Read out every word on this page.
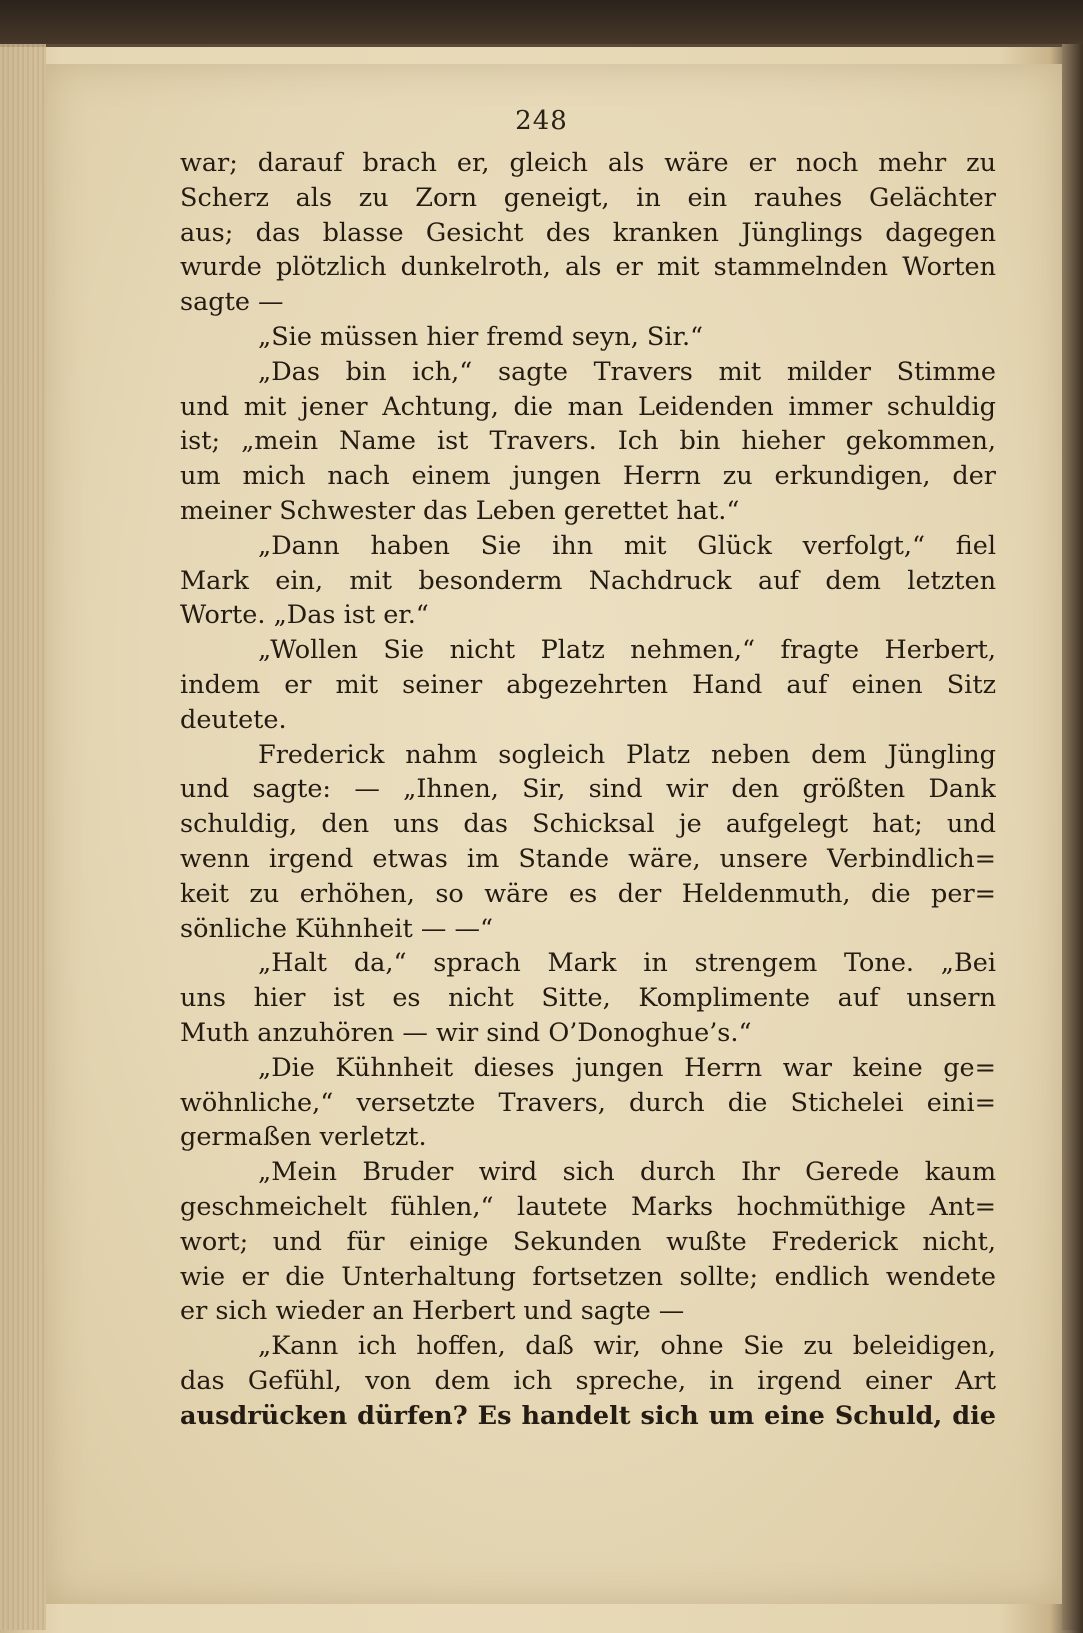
248
war; darauf brach er, gleich als wäre er noch mehr zu
Scherz als zu Zorn geneigt, in ein rauhes Gelächter
aus; das blasse Gesicht des kranken Jünglings dagegen
wurde plötzlich dunkelroth, als er mit stammelnden Worten
sagte —
„Sie müssen hier fremd seyn, Sir.“
„Das bin ich,“ sagte Travers mit milder Stimme
und mit jener Achtung, die man Leidenden immer schuldig
ist; „mein Name ist Travers. Ich bin hieher gekommen,
um mich nach einem jungen Herrn zu erkundigen, der
meiner Schwester das Leben gerettet hat.“
„Dann haben Sie ihn mit Glück verfolgt,“ fiel
Mark ein, mit besonderm Nachdruck auf dem letzten
Worte. „Das ist er.“
„Wollen Sie nicht Platz nehmen,“ fragte Herbert,
indem er mit seiner abgezehrten Hand auf einen Sitz
deutete.
Frederick nahm sogleich Platz neben dem Jüngling
und sagte: — „Ihnen, Sir, sind wir den größten Dank
schuldig, den uns das Schicksal je aufgelegt hat; und
wenn irgend etwas im Stande wäre, unsere Verbindlich=
keit zu erhöhen, so wäre es der Heldenmuth, die per=
sönliche Kühnheit — —“
„Halt da,“ sprach Mark in strengem Tone. „Bei
uns hier ist es nicht Sitte, Komplimente auf unsern
Muth anzuhören — wir sind O’Donoghue’s.“
„Die Kühnheit dieses jungen Herrn war keine ge=
wöhnliche,“ versetzte Travers, durch die Stichelei eini=
germaßen verletzt.
„Mein Bruder wird sich durch Ihr Gerede kaum
geschmeichelt fühlen,“ lautete Marks hochmüthige Ant=
wort; und für einige Sekunden wußte Frederick nicht,
wie er die Unterhaltung fortsetzen sollte; endlich wendete
er sich wieder an Herbert und sagte —
„Kann ich hoffen, daß wir, ohne Sie zu beleidigen,
das Gefühl, von dem ich spreche, in irgend einer Art
ausdrücken dürfen? Es handelt sich um eine Schuld, die
